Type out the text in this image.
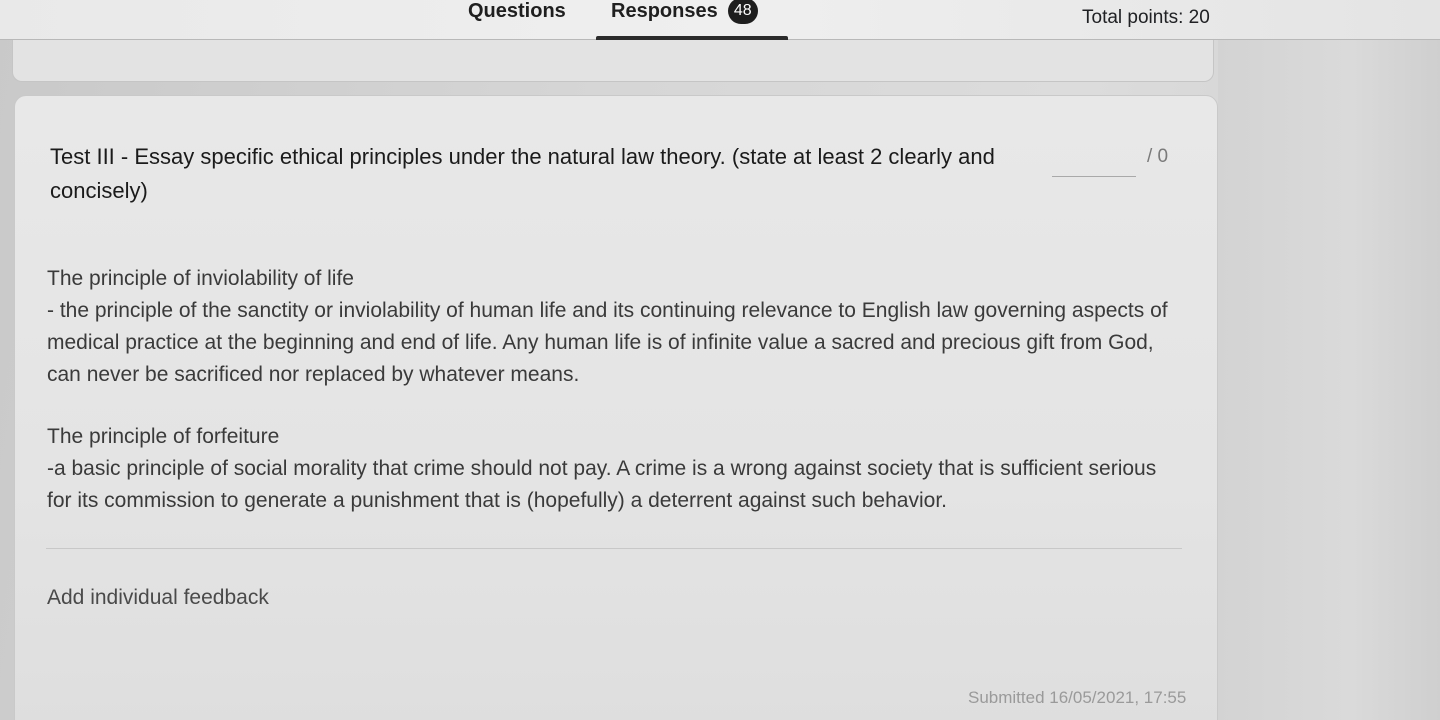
Questions Responses	48	Total points: 20
Test III - Essay specific ethical principles under the natural law theory. (state at least 2 clearly and concisely)
/ 0

The principle of inviolability of life

- the principle of the sanctity or inviolability of human life and its continuing relevance to English law governing aspects of medical practice at the beginning and end of life. Any human life is of infinite value a sacred and precious gift from God, can never be sacrificed nor replaced by whatever means.

The principle of forfeiture

-a basic principle of social morality that crime should not pay. A crime is a wrong against society that is sufficient serious for its commission to generate a punishment that is (hopefully) a deterrent against such behavior.

Add individual feedback
Submitted 16/05/2021, 17:55
